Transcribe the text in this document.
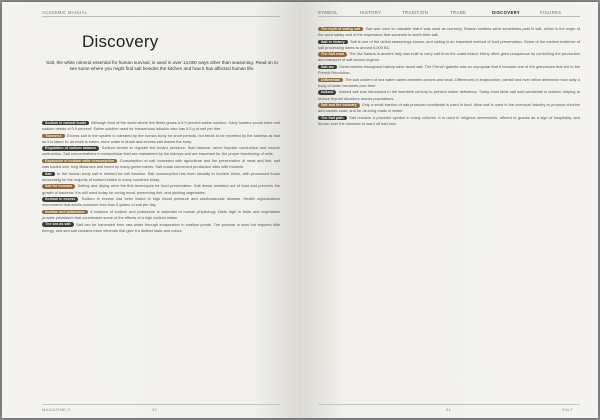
ACADEMIC MANUAL
Discovery
Salt, the white mineral essential for human survival, is used in over 14,000 ways other than seasoning. Read on to see some where you might find salt besides the kitchen and how it has affected human life.

Sodium in natural foods Although food of the world where the fibres grows a 0.9 percent saline solution. Early hunters would have met sodium needs of 0.5 percent. Saline solution used for intravenous infusion also has 9.0 g of salt per litre.

Tolerance Excess salt in the system is tolerated by the human body for short periods, but tends to be excreted by the kidneys as fast as it is taken in; as more is eaten, more water is drunk and excess salt leaves the body.

Regulation of sodium balance Sodium serves to regulate the body's pressure, fluid balance, nerve impulse conduction and muscle contraction. Salt concentrations in extracellular fluid are maintained by the kidneys and are important for the proper functioning of cells.

Expansion of sodium salts consumption Consumption of salt increased with agriculture and the preservation of meat and fish; salt was traded over long distances and taxed by many governments. Salt roads connected production sites with markets.

Salt In the human body salt is needed for cell function. Salt consumption has risen steadily in modern times, with processed foods accounting for the majority of sodium intake in many countries today.

Salt for humans Salting and drying were the first techniques for food preservation. Salt draws moisture out of food and prevents the growth of bacteria; it is still used today for curing meat, preserving fish, and pickling vegetables.

Sodium in excess Sodium in excess has been linked to high blood pressure and cardiovascular disease. Health organisations recommend that adults consume less than 5 grams of salt per day.

Sodium and potassium A balance of sodium and potassium is essential to human physiology. Diets high in fruits and vegetables provide potassium that counteracts some of the effects of a high sodium intake.

The sea as salt Salt can be harvested from sea water through evaporation in shallow ponds. The process is slow but requires little energy, and sea salt contains trace minerals that give it a distinct taste and colour.

MAGAZINE 9	30
SYMBOL	HISTORY	TRADITION	TRADE	DISCOVERY	FIGURES

The myth of eating salt Salt was once so valuable that it was used as currency. Roman soldiers were sometimes paid in salt, which is the origin of the word salary and of the expression that someone is worth their salt.

Salt in history Salt is one of the oldest seasonings known, and salting is an important method of food preservation. Some of the earliest evidence of salt processing dates to around 6,000 BC.

The Salt road The Via Salaria in ancient Italy was built to carry salt from the coast inland. Many cities grew prosperous by controlling the production and transport of salt across regions.

Salt tax Governments throughout history have taxed salt. The French gabelle was so unpopular that it became one of the grievances that led to the French Revolution.

Differential The salt content of sea water varies between oceans and seas. Differences in evaporation, rainfall and river inflow determine how salty a body of water becomes over time.

Iodized Iodized salt was introduced in the twentieth century to prevent iodine deficiency. Today most table salt sold worldwide is iodized, helping to reduce thyroid disorders across populations.

Salt and the industry Only a small fraction of salt produced worldwide is used in food. Most salt is used in the chemical industry to produce chlorine and caustic soda, and for de-icing roads in winter.

The Salt path Salt remains a powerful symbol in many cultures. It is used in religious ceremonies, offered to guests as a sign of hospitality, and thrown over the shoulder to ward off bad luck.

31	SALT
